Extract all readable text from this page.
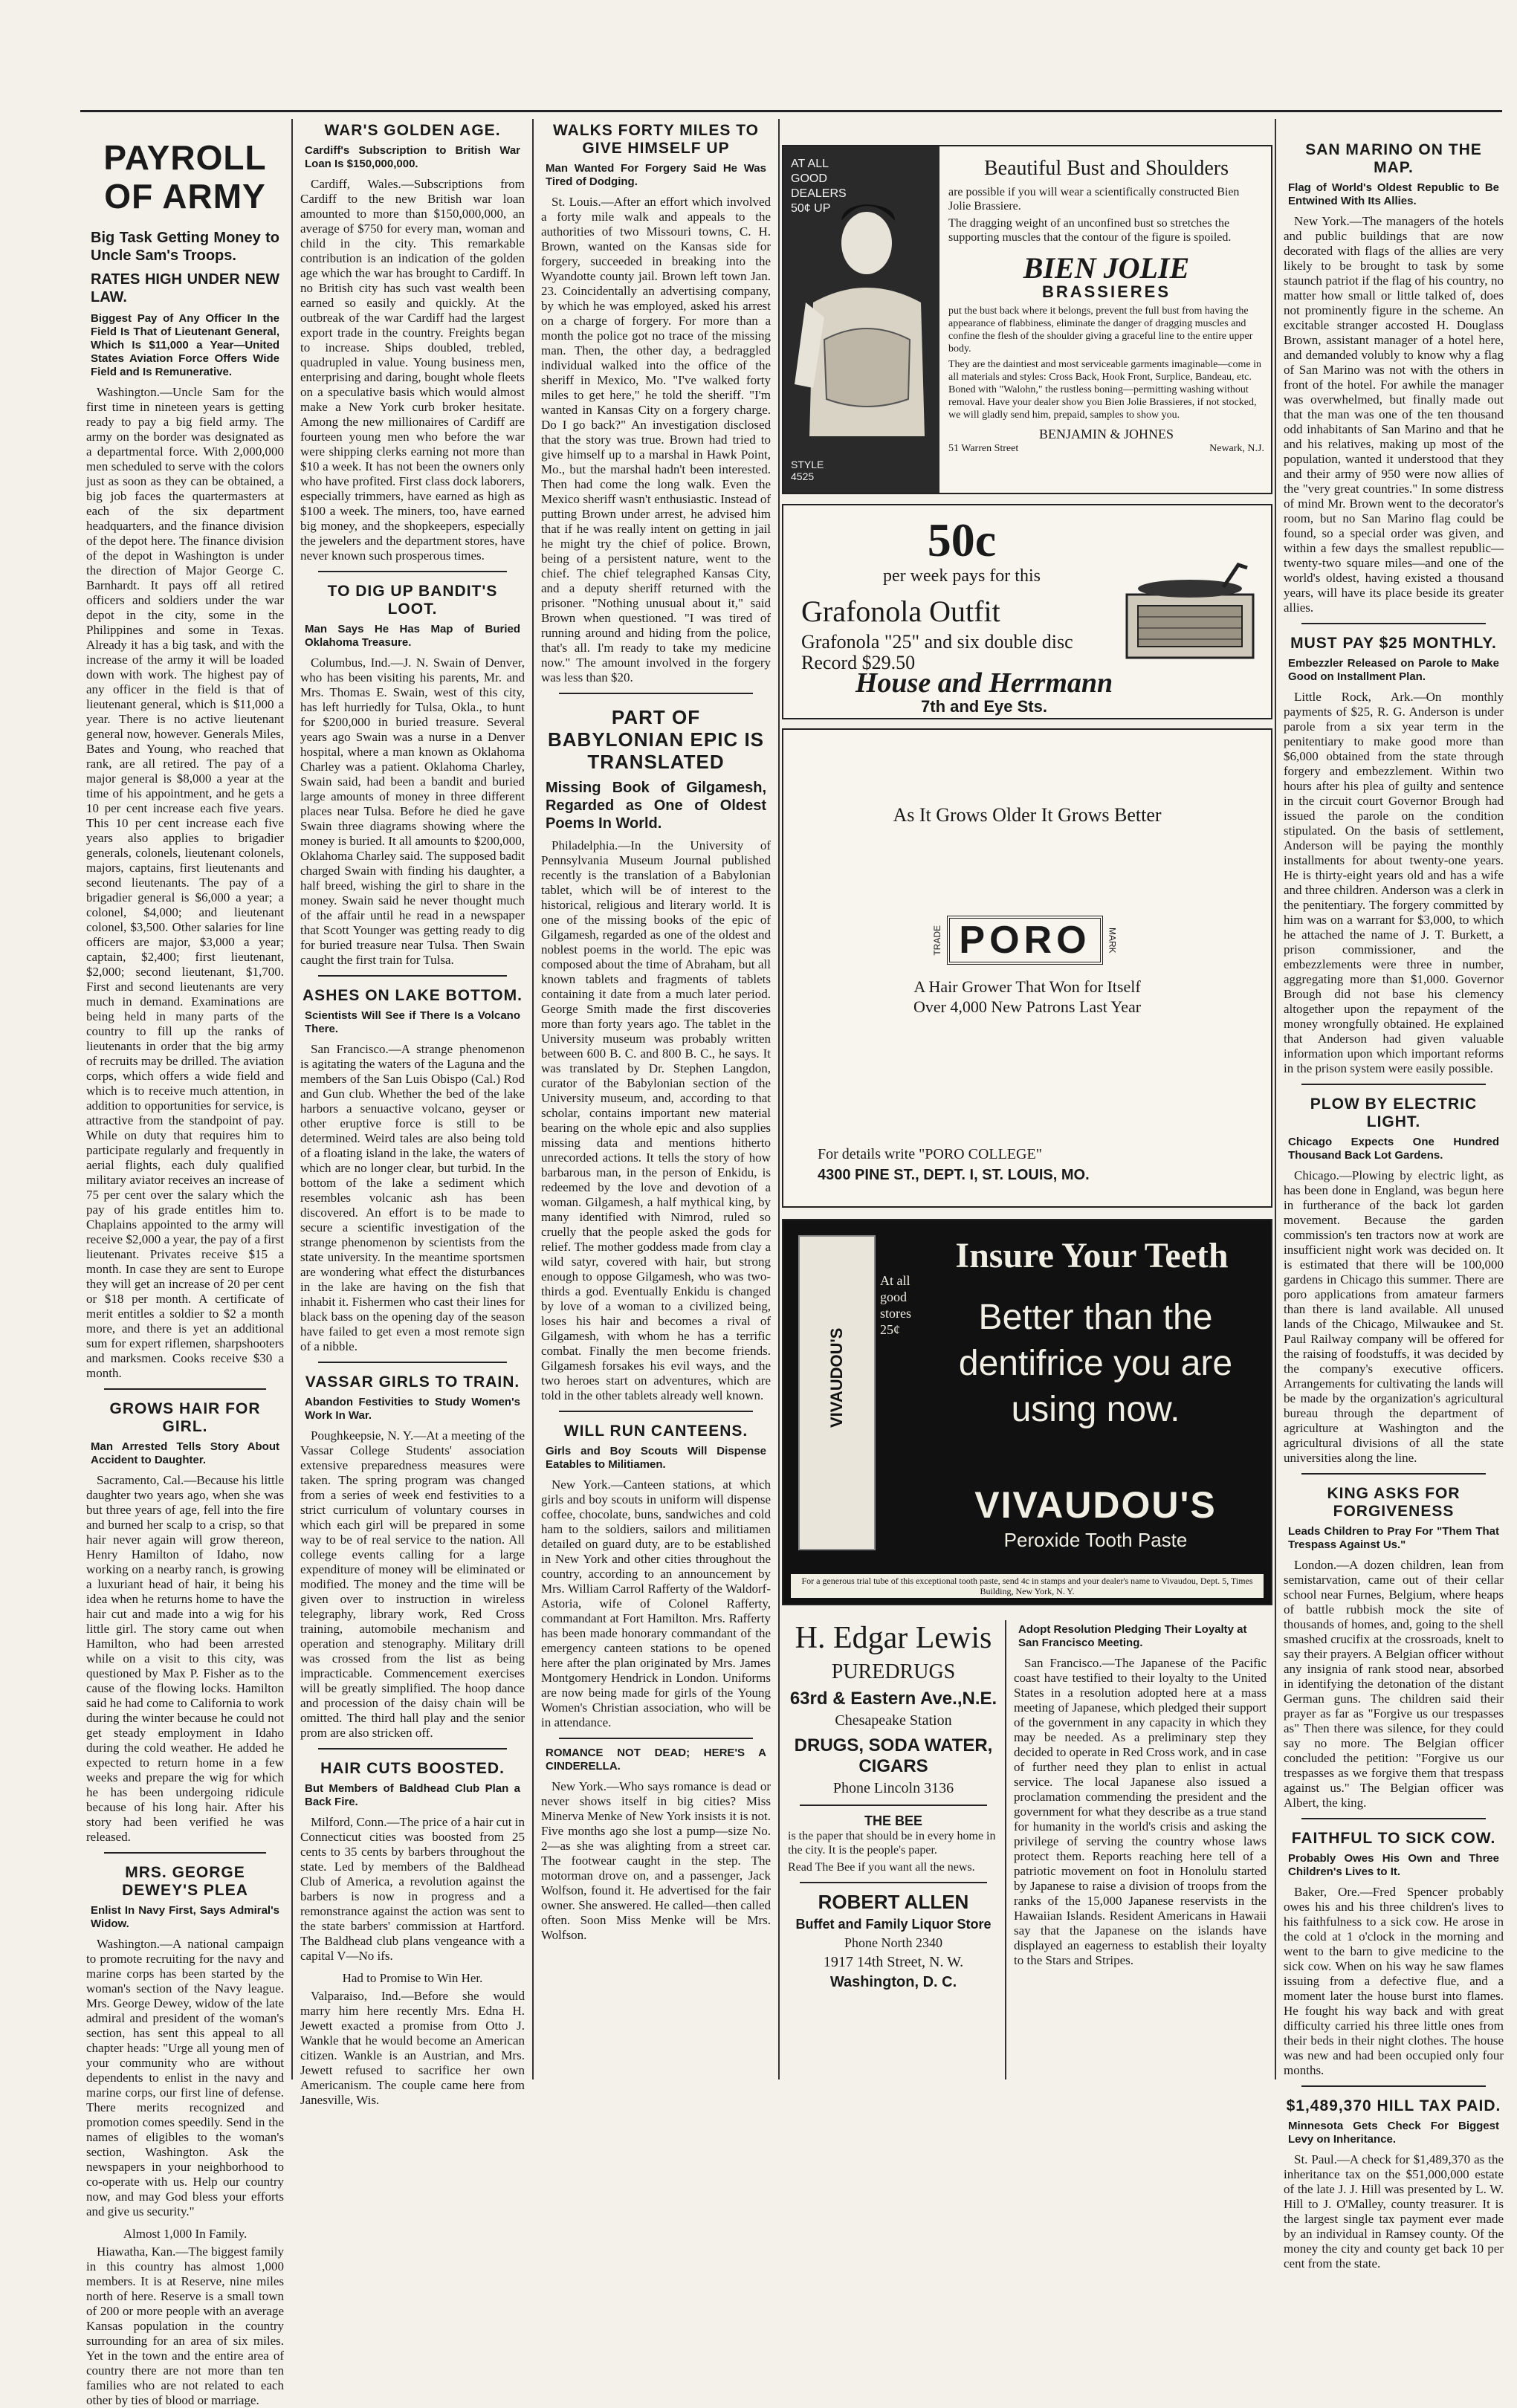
PAYROLL OF ARMY
Big Task Getting Money to Uncle Sam's Troops.
RATES HIGH UNDER NEW LAW.
Biggest Pay of Any Officer In the Field Is That of Lieutenant General, Which Is $11,000 a Year—United States Aviation Force Offers Wide Field and Is Remunerative.

Washington.—Uncle Sam for the first time in nineteen years is getting ready to pay a big field army. The army on the border was designated as a departmental force. With 2,000,000 men scheduled to serve with the colors just as soon as they can be obtained, a big job faces the quartermasters at each of the six department headquarters, and the finance division of the depot here. The finance division of the depot in Washington is under the direction of Major George C. Barnhardt. It pays off all retired officers and soldiers under the war depot in the city, some in the Philippines and some in Texas. Already it has a big task, and with the increase of the army it will be loaded down with work. The highest pay of any officer in the field is that of lieutenant general, which is $11,000 a year. There is no active lieutenant general now, however. Generals Miles, Bates and Young, who reached that rank, are all retired. The pay of a major general is $8,000 a year at the time of his appointment, and he gets a 10 per cent increase each five years. This 10 per cent increase each five years also applies to brigadier generals, colonels, lieutenant colonels, majors, captains, first lieutenants and second lieutenants. The pay of a brigadier general is $6,000 a year; a colonel, $4,000; and lieutenant colonel, $3,500. Other salaries for line officers are major, $3,000 a year; captain, $2,400; first lieutenant, $2,000; second lieutenant, $1,700. First and second lieutenants are very much in demand. Examinations are being held in many parts of the country to fill up the ranks of lieutenants in order that the big army of recruits may be drilled. The aviation corps, which offers a wide field and which is to receive much attention, in addition to opportunities for service, is attractive from the standpoint of pay. While on duty that requires him to participate regularly and frequently in aerial flights, each duly qualified military aviator receives an increase of 75 per cent over the salary which the pay of his grade entitles him to. Chaplains appointed to the army will receive $2,000 a year, the pay of a first lieutenant. Privates receive $15 a month. In case they are sent to Europe they will get an increase of 20 per cent or $18 per month. A certificate of merit entitles a soldier to $2 a month more, and there is yet an additional sum for expert riflemen, sharpshooters and marksmen. Cooks receive $30 a month.

GROWS HAIR FOR GIRL.
Man Arrested Tells Story About Accident to Daughter.

Sacramento, Cal.—Because his little daughter two years ago, when she was but three years of age, fell into the fire and burned her scalp to a crisp, so that hair never again will grow thereon, Henry Hamilton of Idaho, now working on a nearby ranch, is growing a luxuriant head of hair, it being his idea when he returns home to have the hair cut and made into a wig for his little girl. The story came out when Hamilton, who had been arrested while on a visit to this city, was questioned by Max P. Fisher as to the cause of the flowing locks. Hamilton said he had come to California to work during the winter because he could not get steady employment in Idaho during the cold weather. He added he expected to return home in a few weeks and prepare the wig for which he has been undergoing ridicule because of his long hair. After his story had been verified he was released.

MRS. GEORGE DEWEY'S PLEA
Enlist In Navy First, Says Admiral's Widow.

Washington.—A national campaign to promote recruiting for the navy and marine corps has been started by the woman's section of the Navy league. Mrs. George Dewey, widow of the late admiral and president of the woman's section, has sent this appeal to all chapter heads: "Urge all young men of your community who are without dependents to enlist in the navy and marine corps, our first line of defense. There merits recognized and promotion comes speedily. Send in the names of eligibles to the woman's section, Washington. Ask the newspapers in your neighborhood to co-operate with us. Help our country now, and may God bless your efforts and give us security."

Almost 1,000 In Family.

Hiawatha, Kan.—The biggest family in this country has almost 1,000 members. It is at Reserve, nine miles north of here. Reserve is a small town of 200 or more people with an average Kansas population in the country surrounding for an area of six miles. Yet in the town and the entire area of country there are not more than ten families who are not related to each other by ties of blood or marriage.

WAR'S GOLDEN AGE.
Cardiff's Subscription to British War Loan Is $150,000,000.

Cardiff, Wales.—Subscriptions from Cardiff to the new British war loan amounted to more than $150,000,000, an average of $750 for every man, woman and child in the city. This remarkable contribution is an indication of the golden age which the war has brought to Cardiff. In no British city has such vast wealth been earned so easily and quickly. At the outbreak of the war Cardiff had the largest export trade in the country. Freights began to increase. Ships doubled, trebled, quadrupled in value. Young business men, enterprising and daring, bought whole fleets on a speculative basis which would almost make a New York curb broker hesitate. Among the new millionaires of Cardiff are fourteen young men who before the war were shipping clerks earning not more than $10 a week. It has not been the owners only who have profited. First class dock laborers, especially trimmers, have earned as high as $100 a week. The miners, too, have earned big money, and the shopkeepers, especially the jewelers and the department stores, have never known such prosperous times.

TO DIG UP BANDIT'S LOOT.
Man Says He Has Map of Buried Oklahoma Treasure.

Columbus, Ind.—J. N. Swain of Denver, who has been visiting his parents, Mr. and Mrs. Thomas E. Swain, west of this city, has left hurriedly for Tulsa, Okla., to hunt for $200,000 in buried treasure. Several years ago Swain was a nurse in a Denver hospital, where a man known as Oklahoma Charley was a patient. Oklahoma Charley, Swain said, had been a bandit and buried large amounts of money in three different places near Tulsa. Before he died he gave Swain three diagrams showing where the money is buried. It all amounts to $200,000, Oklahoma Charley said. The supposed badit charged Swain with finding his daughter, a half breed, wishing the girl to share in the money. Swain said he never thought much of the affair until he read in a newspaper that Scott Younger was getting ready to dig for buried treasure near Tulsa. Then Swain caught the first train for Tulsa.

ASHES ON LAKE BOTTOM.
Scientists Will See if There Is a Volcano There.

San Francisco.—A strange phenomenon is agitating the waters of the Laguna and the members of the San Luis Obispo (Cal.) Rod and Gun club. Whether the bed of the lake harbors a senuactive volcano, geyser or other eruptive force is still to be determined. Weird tales are also being told of a floating island in the lake, the waters of which are no longer clear, but turbid. In the bottom of the lake a sediment which resembles volcanic ash has been discovered. An effort is to be made to secure a scientific investigation of the strange phenomenon by scientists from the state university. In the meantime sportsmen are wondering what effect the disturbances in the lake are having on the fish that inhabit it. Fishermen who cast their lines for black bass on the opening day of the season have failed to get even a most remote sign of a nibble.

VASSAR GIRLS TO TRAIN.
Abandon Festivities to Study Women's Work In War.

Poughkeepsie, N. Y.—At a meeting of the Vassar College Students' association extensive preparedness measures were taken. The spring program was changed from a series of week end festivities to a strict curriculum of voluntary courses in which each girl will be prepared in some way to be of real service to the nation. All college events calling for a large expenditure of money will be eliminated or modified. The money and the time will be given over to instruction in wireless telegraphy, library work, Red Cross training, automobile mechanism and operation and stenography. Military drill was crossed from the list as being impracticable. Commencement exercises will be greatly simplified. The hoop dance and procession of the daisy chain will be omitted. The third hall play and the senior prom are also stricken off.

HAIR CUTS BOOSTED.
But Members of Baldhead Club Plan a Back Fire.

Milford, Conn.—The price of a hair cut in Connecticut cities was boosted from 25 cents to 35 cents by barbers throughout the state. Led by members of the Baldhead Club of America, a revolution against the barbers is now in progress and a remonstrance against the action was sent to the state barbers' commission at Hartford. The Baldhead club plans vengeance with a capital V—No ifs.

Had to Promise to Win Her.

Valparaiso, Ind.—Before she would marry him here recently Mrs. Edna H. Jewett exacted a promise from Otto J. Wankle that he would become an American citizen. Wankle is an Austrian, and Mrs. Jewett refused to sacrifice her own Americanism. The couple came here from Janesville, Wis.

WALKS FORTY MILES TO GIVE HIMSELF UP
Man Wanted For Forgery Said He Was Tired of Dodging.

St. Louis.—After an effort which involved a forty mile walk and appeals to the authorities of two Missouri towns, C. H. Brown, wanted on the Kansas side for forgery, succeeded in breaking into the Wyandotte county jail. Brown left town Jan. 23. Coincidentally an advertising company, by which he was employed, asked his arrest on a charge of forgery. For more than a month the police got no trace of the missing man. Then, the other day, a bedraggled individual walked into the office of the sheriff in Mexico, Mo. "I've walked forty miles to get here," he told the sheriff. "I'm wanted in Kansas City on a forgery charge. Do I go back?" An investigation disclosed that the story was true. Brown had tried to give himself up to a marshal in Hawk Point, Mo., but the marshal hadn't been interested. Then had come the long walk. Even the Mexico sheriff wasn't enthusiastic. Instead of putting Brown under arrest, he advised him that if he was really intent on getting in jail he might try the chief of police. Brown, being of a persistent nature, went to the chief. The chief telegraphed Kansas City, and a deputy sheriff returned with the prisoner. "Nothing unusual about it," said Brown when questioned. "I was tired of running around and hiding from the police, that's all. I'm ready to take my medicine now." The amount involved in the forgery was less than $20.

PART OF BABYLONIAN EPIC IS TRANSLATED
Missing Book of Gilgamesh, Regarded as One of Oldest Poems In World.

Philadelphia.—In the University of Pennsylvania Museum Journal published recently is the translation of a Babylonian tablet, which will be of interest to the historical, religious and literary world. It is one of the missing books of the epic of Gilgamesh, regarded as one of the oldest and noblest poems in the world. The epic was composed about the time of Abraham, but all known tablets and fragments of tablets containing it date from a much later period. George Smith made the first discoveries more than forty years ago. The tablet in the University museum was probably written between 600 B. C. and 800 B. C., he says. It was translated by Dr. Stephen Langdon, curator of the Babylonian section of the University museum, and, according to that scholar, contains important new material bearing on the whole epic and also supplies missing data and mentions hitherto unrecorded actions. It tells the story of how barbarous man, in the person of Enkidu, is redeemed by the love and devotion of a woman. Gilgamesh, a half mythical king, by many identified with Nimrod, ruled so cruelly that the people asked the gods for relief. The mother goddess made from clay a wild satyr, covered with hair, but strong enough to oppose Gilgamesh, who was two-thirds a god. Eventually Enkidu is changed by love of a woman to a civilized being, loses his hair and becomes a rival of Gilgamesh, with whom he has a terrific combat. Finally the men become friends. Gilgamesh forsakes his evil ways, and the two heroes start on adventures, which are told in the other tablets already well known.

WILL RUN CANTEENS.
Girls and Boy Scouts Will Dispense Eatables to Militiamen.

New York.—Canteen stations, at which girls and boy scouts in uniform will dispense coffee, chocolate, buns, sandwiches and cold ham to the soldiers, sailors and militiamen detailed on guard duty, are to be established in New York and other cities throughout the country, according to an announcement by Mrs. William Carrol Rafferty of the Waldorf-Astoria, wife of Colonel Rafferty, commandant at Fort Hamilton. Mrs. Rafferty has been made honorary commandant of the emergency canteen stations to be opened here after the plan originated by Mrs. James Montgomery Hendrick in London. Uniforms are now being made for girls of the Young Women's Christian association, who will be in attendance.

ROMANCE NOT DEAD; HERE'S A CINDERELLA.

New York.—Who says romance is dead or never shows itself in big cities? Miss Minerva Menke of New York insists it is not. Five months ago she lost a pump—size No. 2—as she was alighting from a street car. The footwear caught in the step. The motorman drove on, and a passenger, Jack Wolfson, found it. He advertised for the fair owner. She answered. He called—then called often. Soon Miss Menke will be Mrs. Wolfson.

AT ALL GOOD DEALERS 50¢ UP
STYLE 4525
Beautiful Bust and Shoulders
are possible if you will wear a scientifically constructed Bien Jolie Brassiere.
The dragging weight of an unconfined bust so stretches the supporting muscles that the contour of the figure is spoiled.
BIEN JOLIE
BRASSIERES
put the bust back where it belongs, prevent the full bust from having the appearance of flabbiness, eliminate the danger of dragging muscles and confine the flesh of the shoulder giving a graceful line to the entire upper body.
They are the daintiest and most serviceable garments imaginable—come in all materials and styles: Cross Back, Hook Front, Surplice, Bandeau, etc. Boned with "Walohn," the rustless boning—permitting washing without removal. Have your dealer show you Bien Jolie Brassieres, if not stocked, we will gladly send him, prepaid, samples to show you.
BENJAMIN & JOHNES
51 Warren Street	Newark, N.J.
50c
per week pays for this
Grafonola Outfit
Grafonola "25" and six double disc Record $29.50
House and Herrmann
7th and Eye Sts.
As It Grows Older It Grows Better
TRADE PORO	MARK
A Hair Grower That Won for Itself
Over 4,000 New Patrons Last Year
For details write "PORO COLLEGE"
4300 PINE ST., DEPT. I, ST. LOUIS, MO.
VIVAUDOU'S
At all good stores 25¢
Insure Your Teeth
Better than the dentifrice you are using now.
VIVAUDOU'S
Peroxide Tooth Paste
For a generous trial tube of this exceptional tooth paste, send 4c in stamps and your dealer's name to Vivaudou, Dept. 5, Times Building, New York, N. Y.
H. Edgar Lewis
PUREDRUGS
63rd & Eastern Ave.,N.E.
Chesapeake Station
DRUGS, SODA WATER, CIGARS
Phone Lincoln 3136
THE BEE
is the paper that should be in every home in the city. It is the people's paper.
Read The Bee if you want all the news.
ROBERT ALLEN
Buffet and Family Liquor Store
Phone North 2340
1917 14th Street, N. W.
Washington, D. C.
Adopt Resolution Pledging Their Loyalty at San Francisco Meeting.

San Francisco.—The Japanese of the Pacific coast have testified to their loyalty to the United States in a resolution adopted here at a mass meeting of Japanese, which pledged their support of the government in any capacity in which they may be needed. As a preliminary step they decided to operate in Red Cross work, and in case of further need they plan to enlist in actual service. The local Japanese also issued a proclamation commending the president and the government for what they describe as a true stand for humanity in the world's crisis and asking the privilege of serving the country whose laws protect them. Reports reaching here tell of a patriotic movement on foot in Honolulu started by Japanese to raise a division of troops from the ranks of the 15,000 Japanese reservists in the Hawaiian Islands. Resident Americans in Hawaii say that the Japanese on the islands have displayed an eagerness to establish their loyalty to the Stars and Stripes.

SAN MARINO ON THE MAP.
Flag of World's Oldest Republic to Be Entwined With Its Allies.

New York.—The managers of the hotels and public buildings that are now decorated with flags of the allies are very likely to be brought to task by some staunch patriot if the flag of his country, no matter how small or little talked of, does not prominently figure in the scheme. An excitable stranger accosted H. Douglass Brown, assistant manager of a hotel here, and demanded volubly to know why a flag of San Marino was not with the others in front of the hotel. For awhile the manager was overwhelmed, but finally made out that the man was one of the ten thousand odd inhabitants of San Marino and that he and his relatives, making up most of the population, wanted it understood that they and their army of 950 were now allies of the "very great countries." In some distress of mind Mr. Brown went to the decorator's room, but no San Marino flag could be found, so a special order was given, and within a few days the smallest republic—twenty-two square miles—and one of the world's oldest, having existed a thousand years, will have its place beside its greater allies.

MUST PAY $25 MONTHLY.
Embezzler Released on Parole to Make Good on Installment Plan.

Little Rock, Ark.—On monthly payments of $25, R. G. Anderson is under parole from a six year term in the penitentiary to make good more than $6,000 obtained from the state through forgery and embezzlement. Within two hours after his plea of guilty and sentence in the circuit court Governor Brough had issued the parole on the condition stipulated. On the basis of settlement, Anderson will be paying the monthly installments for about twenty-one years. He is thirty-eight years old and has a wife and three children. Anderson was a clerk in the penitentiary. The forgery committed by him was on a warrant for $3,000, to which he attached the name of J. T. Burkett, a prison commissioner, and the embezzlements were three in number, aggregating more than $1,000. Governor Brough did not base his clemency altogether upon the repayment of the money wrongfully obtained. He explained that Anderson had given valuable information upon which important reforms in the prison system were easily possible.

PLOW BY ELECTRIC LIGHT.
Chicago Expects One Hundred Thousand Back Lot Gardens.

Chicago.—Plowing by electric light, as has been done in England, was begun here in furtherance of the back lot garden movement. Because the garden commission's ten tractors now at work are insufficient night work was decided on. It is estimated that there will be 100,000 gardens in Chicago this summer. There are poro applications from amateur farmers than there is land available. All unused lands of the Chicago, Milwaukee and St. Paul Railway company will be offered for the raising of foodstuffs, it was decided by the company's executive officers. Arrangements for cultivating the lands will be made by the organization's agricultural bureau through the department of agriculture at Washington and the agricultural divisions of all the state universities along the line.

KING ASKS FOR FORGIVENESS
Leads Children to Pray For "Them That Trespass Against Us."

London.—A dozen children, lean from semistarvation, came out of their cellar school near Furnes, Belgium, where heaps of battle rubbish mock the site of thousands of homes, and, going to the shell smashed crucifix at the crossroads, knelt to say their prayers. A Belgian officer without any insignia of rank stood near, absorbed in identifying the detonation of the distant German guns. The children said their prayer as far as "Forgive us our trespasses as" Then there was silence, for they could say no more. The Belgian officer concluded the petition: "Forgive us our trespasses as we forgive them that trespass against us." The Belgian officer was Albert, the king.

FAITHFUL TO SICK COW.
Probably Owes His Own and Three Children's Lives to It.

Baker, Ore.—Fred Spencer probably owes his and his three children's lives to his faithfulness to a sick cow. He arose in the cold at 1 o'clock in the morning and went to the barn to give medicine to the sick cow. When on his way he saw flames issuing from a defective flue, and a moment later the house burst into flames. He fought his way back and with great difficulty carried his three little ones from their beds in their night clothes. The house was new and had been occupied only four months.

$1,489,370 HILL TAX PAID.
Minnesota Gets Check For Biggest Levy on Inheritance.

St. Paul.—A check for $1,489,370 as the inheritance tax on the $51,000,000 estate of the late J. J. Hill was presented by L. W. Hill to J. O'Malley, county treasurer. It is the largest single tax payment ever made by an individual in Ramsey county. Of the money the city and county get back 10 per cent from the state.
